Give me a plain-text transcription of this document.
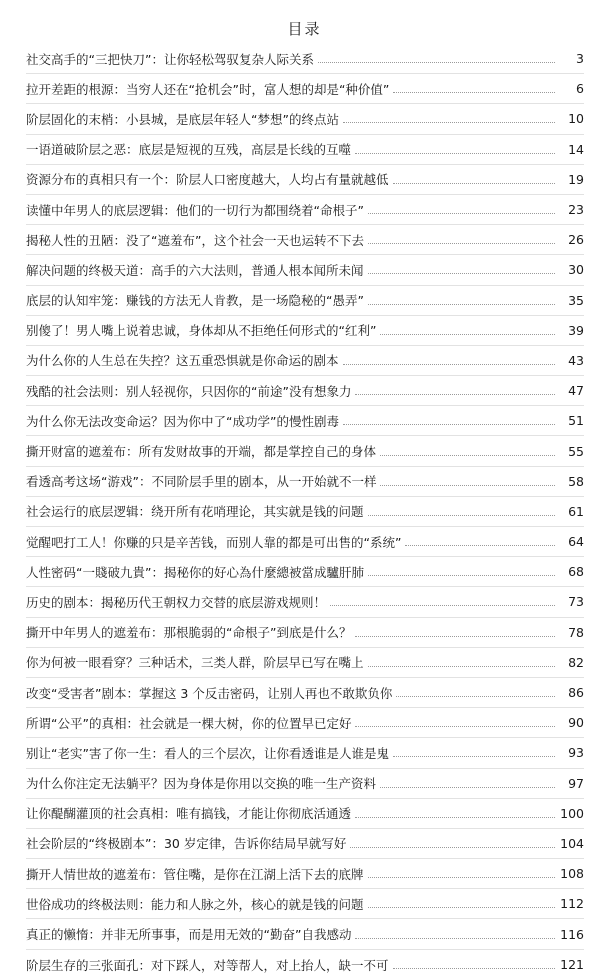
目录
社交高手的“三把快刀”：让你轻松驾驭复杂人际关系	3
拉开差距的根源：当穷人还在“抢机会”时，富人想的却是“种价值”	6
阶层固化的末梢：小县城，是底层年轻人“梦想”的终点站	10
一语道破阶层之恶：底层是短视的互残，高层是长线的互噬	14
资源分布的真相只有一个：阶层人口密度越大，人均占有量就越低	19
读懂中年男人的底层逻辑：他们的一切行为都围绕着“命根子”	23
揭秘人性的丑陋：没了“遮羞布”，这个社会一天也运转不下去	26
解决问题的终极天道：高手的六大法则，普通人根本闻所未闻	30
底层的认知牢笼：赚钱的方法无人肯教，是一场隐秘的“愚弄”	35
别傻了！男人嘴上说着忠诚，身体却从不拒绝任何形式的“红利”	39
为什么你的人生总在失控？这五重恐惧就是你命运的剧本	43
残酷的社会法则：别人轻视你，只因你的“前途”没有想象力	47
为什么你无法改变命运？因为你中了“成功学”的慢性剧毒	51
撕开财富的遮羞布：所有发财故事的开端，都是掌控自己的身体	55
看透高考这场“游戏”：不同阶层手里的剧本，从一开始就不一样	58
社会运行的底层逻辑：绕开所有花哨理论，其实就是钱的问题	61
觉醒吧打工人！你赚的只是辛苦钱，而别人靠的都是可出售的“系统”	64
人性密码“一賤破九貴”：揭秘你的好心為什麼總被當成驢肝肺	68
历史的剧本：揭秘历代王朝权力交替的底层游戏规则！	73
撕开中年男人的遮羞布：那根脆弱的“命根子”到底是什么？	78
你为何被一眼看穿？三种话术，三类人群，阶层早已写在嘴上	82
改变“受害者”剧本：掌握这 3 个反击密码，让别人再也不敢欺负你	86
所谓“公平”的真相：社会就是一棵大树，你的位置早已定好	90
别让“老实”害了你一生：看人的三个层次，让你看透谁是人谁是鬼	93
为什么你注定无法躺平？因为身体是你用以交换的唯一生产资料	97
让你醍醐灌顶的社会真相：唯有搞钱，才能让你彻底活通透	100
社会阶层的“终极剧本”：30 岁定律，告诉你结局早就写好	104
撕开人情世故的遮羞布：管住嘴，是你在江湖上活下去的底牌	108
世俗成功的终极法则：能力和人脉之外，核心的就是钱的问题	112
真正的懒惰：并非无所事事，而是用无效的“勤奋”自我感动	116
阶层生存的三张面孔：对下踩人，对等帮人，对上抬人，缺一不可	121
